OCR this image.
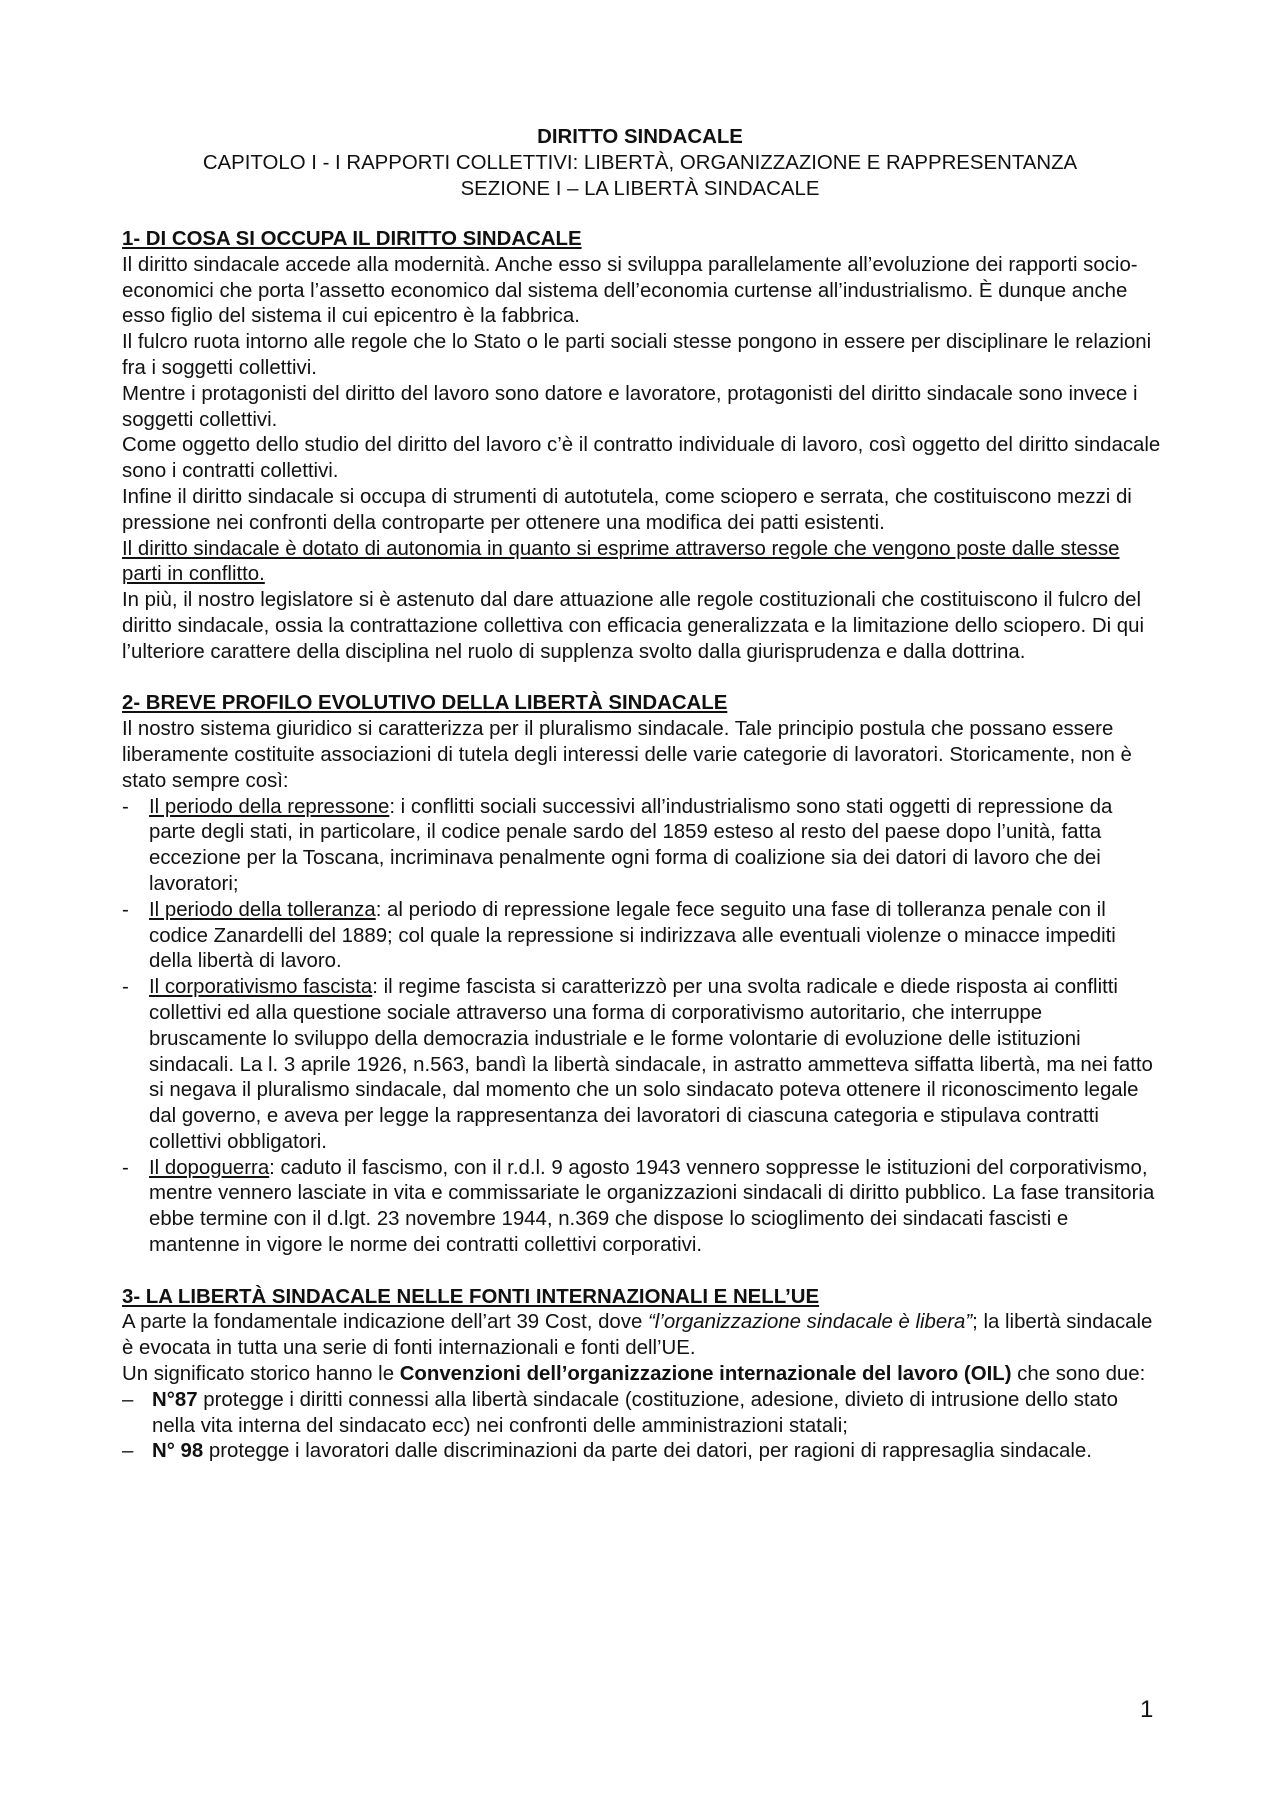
DIRITTO SINDACALE
CAPITOLO I - I RAPPORTI COLLETTIVI: LIBERTÀ, ORGANIZZAZIONE E RAPPRESENTANZA
SEZIONE I – LA LIBERTÀ SINDACALE

1- DI COSA SI OCCUPA IL DIRITTO SINDACALE

Il diritto sindacale accede alla modernità. Anche esso si sviluppa parallelamente all’evoluzione dei rapporti socio-economici che porta l’assetto economico dal sistema dell’economia curtense all’industrialismo. È dunque anche esso figlio del sistema il cui epicentro è la fabbrica.

Il fulcro ruota intorno alle regole che lo Stato o le parti sociali stesse pongono in essere per disciplinare le relazioni fra i soggetti collettivi.

Mentre i protagonisti del diritto del lavoro sono datore e lavoratore, protagonisti del diritto sindacale sono invece i soggetti collettivi.

Come oggetto dello studio del diritto del lavoro c’è il contratto individuale di lavoro, così oggetto del diritto sindacale sono i contratti collettivi.

Infine il diritto sindacale si occupa di strumenti di autotutela, come sciopero e serrata, che costituiscono mezzi di pressione nei confronti della controparte per ottenere una modifica dei patti esistenti.

Il diritto sindacale è dotato di autonomia in quanto si esprime attraverso regole che vengono poste dalle stesse parti in conflitto.

In più, il nostro legislatore si è astenuto dal dare attuazione alle regole costituzionali che costituiscono il fulcro del diritto sindacale, ossia la contrattazione collettiva con efficacia generalizzata e la limitazione dello sciopero. Di qui l’ulteriore carattere della disciplina nel ruolo di supplenza svolto dalla giurisprudenza e dalla dottrina.

2- BREVE PROFILO EVOLUTIVO DELLA LIBERTÀ SINDACALE

Il nostro sistema giuridico si caratterizza per il pluralismo sindacale. Tale principio postula che possano essere liberamente costituite associazioni di tutela degli interessi delle varie categorie di lavoratori. Storicamente, non è stato sempre così:

- Il periodo della repressone: i conflitti sociali successivi all’industrialismo sono stati oggetti di repressione da parte degli stati, in particolare, il codice penale sardo del 1859 esteso al resto del paese dopo l’unità, fatta eccezione per la Toscana, incriminava penalmente ogni forma di coalizione sia dei datori di lavoro che dei lavoratori;
- Il periodo della tolleranza: al periodo di repressione legale fece seguito una fase di tolleranza penale con il codice Zanardelli del 1889; col quale la repressione si indirizzava alle eventuali violenze o minacce impediti della libertà di lavoro.
- Il corporativismo fascista: il regime fascista si caratterizzò per una svolta radicale e diede risposta ai conflitti collettivi ed alla questione sociale attraverso una forma di corporativismo autoritario, che interruppe bruscamente lo sviluppo della democrazia industriale e le forme volontarie di evoluzione delle istituzioni sindacali. La l. 3 aprile 1926, n.563, bandì la libertà sindacale, in astratto ammetteva siffatta libertà, ma nei fatto si negava il pluralismo sindacale, dal momento che un solo sindacato poteva ottenere il riconoscimento legale dal governo, e aveva per legge la rappresentanza dei lavoratori di ciascuna categoria e stipulava contratti collettivi obbligatori.
- Il dopoguerra: caduto il fascismo, con il r.d.l. 9 agosto 1943 vennero soppresse le istituzioni del corporativismo, mentre vennero lasciate in vita e commissariate le organizzazioni sindacali di diritto pubblico. La fase transitoria ebbe termine con il d.lgt. 23 novembre 1944, n.369 che dispose lo scioglimento dei sindacati fascisti e mantenne in vigore le norme dei contratti collettivi corporativi.

3- LA LIBERTÀ SINDACALE NELLE FONTI INTERNAZIONALI E NELL’UE

A parte la fondamentale indicazione dell’art 39 Cost, dove “l’organizzazione sindacale è libera”; la libertà sindacale è evocata in tutta una serie di fonti internazionali e fonti dell’UE.

Un significato storico hanno le Convenzioni dell’organizzazione internazionale del lavoro (OIL) che sono due:

– N°87 protegge i diritti connessi alla libertà sindacale (costituzione, adesione, divieto di intrusione dello stato nella vita interna del sindacato ecc) nei confronti delle amministrazioni statali;
– N° 98 protegge i lavoratori dalle discriminazioni da parte dei datori, per ragioni di rappresaglia sindacale.
1
